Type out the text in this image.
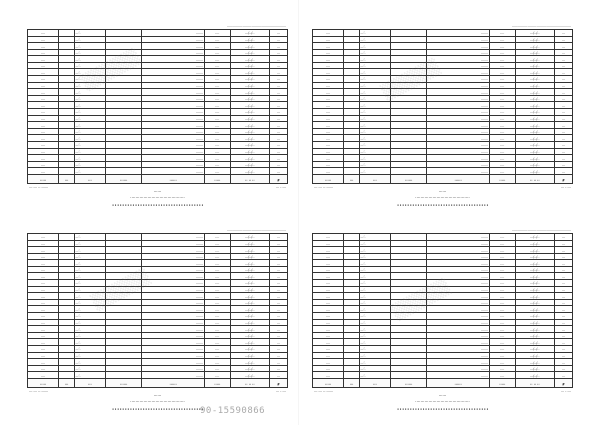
····································
·········································
······
····· ···
········· ·······
#	·· ·· ··	·····	······	······	···	···	·····
···	··/··/···	····	·······		·,···		····
···	··/··/···	····	·······		·,···		····
···	··/··/···	····	·······		·,···		····
···	··/··/···	····	·······		·,···		····
···	··/··/···	····	·······		·,···		····
···	··/··/···	····	·······		·,···		····
···	··/··/···	····	·······		·,···		····
···	··/··/···	····	·······		·,···		····
···	··/··/···	····	·······		·,···		····
···	··/··/···	····	·······		·,···		····
···	··/··/···	····	·······		·,···		····
···	··/··/···	····	·······		·,···		····
···	··/··/···	····	·······		·,···		····
···	··/··/···	····	·······		·,···		····
···	··/··/···	····	·······		·,···		····
···	··/··/···	····	·······		·,···		····
···	··/··/···	····	·······		·,···		····
···	··/··/···	····	·······		·,···		····
···	··/··/···	····	·······		·,···		····
···	··/··/···	····	·······		·,···		····
···	··/··/···	····	·······		·,···		····
···	··/··/···	····	·······		·,···		····
··························································
····································
·········································
······
····· ···
········· ·······
#	·· ·· ··	·····	······	······	···	···	·····
···	··/··/···	····	·······		·,···		····
···	··/··/···	····	·······		·,···		····
···	··/··/···	····	·······		·,···		····
···	··/··/···	····	·······		·,···		····
···	··/··/···	····	·······		·,···		····
···	··/··/···	····	·······		·,···		····
···	··/··/···	····	·······		·,···		····
···	··/··/···	····	·······		·,···		····
···	··/··/···	····	·······		·,···		····
···	··/··/···	····	·······		·,···		····
···	··/··/···	····	·······		·,···		····
···	··/··/···	····	·······		·,···		····
···	··/··/···	····	·······		·,···		····
···	··/··/···	····	·······		·,···		····
···	··/··/···	····	·······		·,···		····
···	··/··/···	····	·······		·,···		····
···	··/··/···	····	·······		·,···		····
···	··/··/···	····	·······		·,···		····
···	··/··/···	····	·······		·,···		····
···	··/··/···	····	·······		·,···		····
···	··/··/···	····	·······		·,···		····
···	··/··/···	····	·······		·,···		····
··························································
····································
·········································
······
····· ···
········· ·······
#	·· ·· ··	·····	······	······	···	···	·····
···	··/··/···	····	·······		·,···		····
···	··/··/···	····	·······		·,···		····
···	··/··/···	····	·······		·,···		····
···	··/··/···	····	·······		·,···		····
···	··/··/···	····	·······		·,···		····
···	··/··/···	····	·······		·,···		····
···	··/··/···	····	·······		·,···		····
···	··/··/···	····	·······		·,···		····
···	··/··/···	····	·······		·,···		····
···	··/··/···	····	·······		·,···		····
···	··/··/···	····	·······		·,···		····
···	··/··/···	····	·······		·,···		····
···	··/··/···	····	·······		·,···		····
···	··/··/···	····	·······		·,···		····
···	··/··/···	····	·······		·,···		····
···	··/··/···	····	·······		·,···		····
···	··/··/···	····	·······		·,···		····
···	··/··/···	····	·······		·,···		····
···	··/··/···	····	·······		·,···		····
···	··/··/···	····	·······		·,···		····
···	··/··/···	····	·······		·,···		····
···	··/··/···	····	·······		·,···		····
··························································
····································
·········································
······
····· ···
········· ·······
#	·· ·· ··	·····	······	······	···	···	·····
···	··/··/···	····	·······		·,···		····
···	··/··/···	····	·······		·,···		····
···	··/··/···	····	·······		·,···		····
···	··/··/···	····	·······		·,···		····
···	··/··/···	····	·······		·,···		····
···	··/··/···	····	·······		·,···		····
···	··/··/···	····	·······		·,···		····
···	··/··/···	····	·······		·,···		····
···	··/··/···	····	·······		·,···		····
···	··/··/···	····	·······		·,···		····
···	··/··/···	····	·······		·,···		····
···	··/··/···	····	·······		·,···		····
···	··/··/···	····	·······		·,···		····
···	··/··/···	····	·······		·,···		····
···	··/··/···	····	·······		·,···		····
···	··/··/···	····	·······		·,···		····
···	··/··/···	····	·······		·,···		····
···	··/··/···	····	·······		·,···		····
···	··/··/···	····	·······		·,···		····
···	··/··/···	····	·······		·,···		····
···	··/··/···	····	·······		·,···		····
···	··/··/···	····	·······		·,···		····
··························································
90-15590866
